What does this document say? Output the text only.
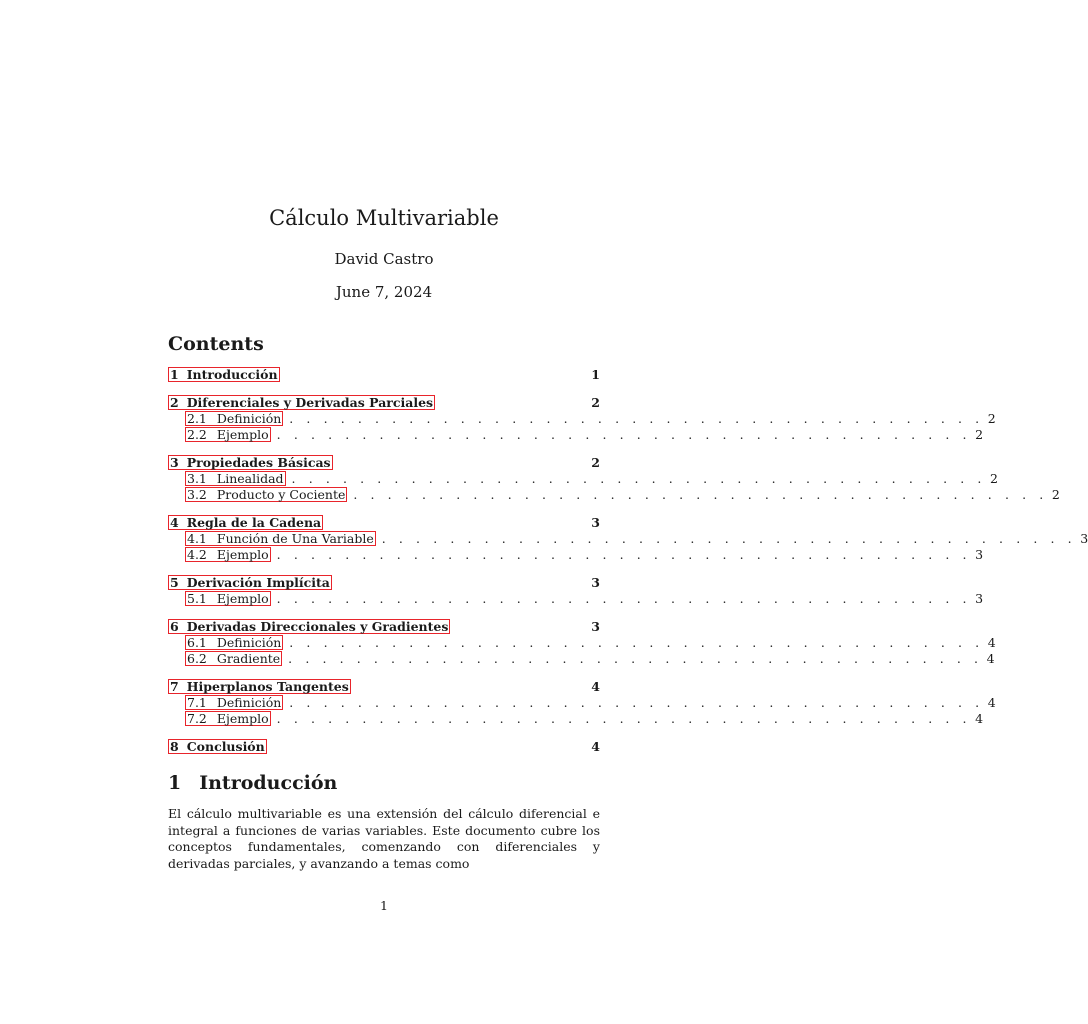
Cálculo Multivariable
David Castro
June 7, 2024
Contents
1 Introducción	1
2 Diferenciales y Derivadas Parciales	2
2.1 Definición . . . . . . . . . . . . . . . . . . . . . . . . . . . . . . . . . . . . . . . . . 2
2.2 Ejemplo . . . . . . . . . . . . . . . . . . . . . . . . . . . . . . . . . . . . . . . . . 2
3 Propiedades Básicas	2
3.1 Linealidad . . . . . . . . . . . . . . . . . . . . . . . . . . . . . . . . . . . . . . . . . 2
3.2 Producto y Cociente . . . . . . . . . . . . . . . . . . . . . . . . . . . . . . . . . . . . . . . . . 2
4 Regla de la Cadena	3
4.1 Función de Una Variable . . . . . . . . . . . . . . . . . . . . . . . . . . . . . . . . . . . . . . . . . 3
4.2 Ejemplo . . . . . . . . . . . . . . . . . . . . . . . . . . . . . . . . . . . . . . . . . 3
5 Derivación Implícita	3
5.1 Ejemplo . . . . . . . . . . . . . . . . . . . . . . . . . . . . . . . . . . . . . . . . . 3
6 Derivadas Direccionales y Gradientes	3
6.1 Definición . . . . . . . . . . . . . . . . . . . . . . . . . . . . . . . . . . . . . . . . . 4
6.2 Gradiente . . . . . . . . . . . . . . . . . . . . . . . . . . . . . . . . . . . . . . . . . 4
7 Hiperplanos Tangentes	4
7.1 Definición . . . . . . . . . . . . . . . . . . . . . . . . . . . . . . . . . . . . . . . . . 4
7.2 Ejemplo . . . . . . . . . . . . . . . . . . . . . . . . . . . . . . . . . . . . . . . . . 4
8 Conclusión	4
1 Introducción
El cálculo multivariable es una extensión del cálculo diferencial e integral a funciones de varias variables. Este documento cubre los conceptos fundamentales, comenzando con diferenciales y derivadas parciales, y avanzando a temas como
1
